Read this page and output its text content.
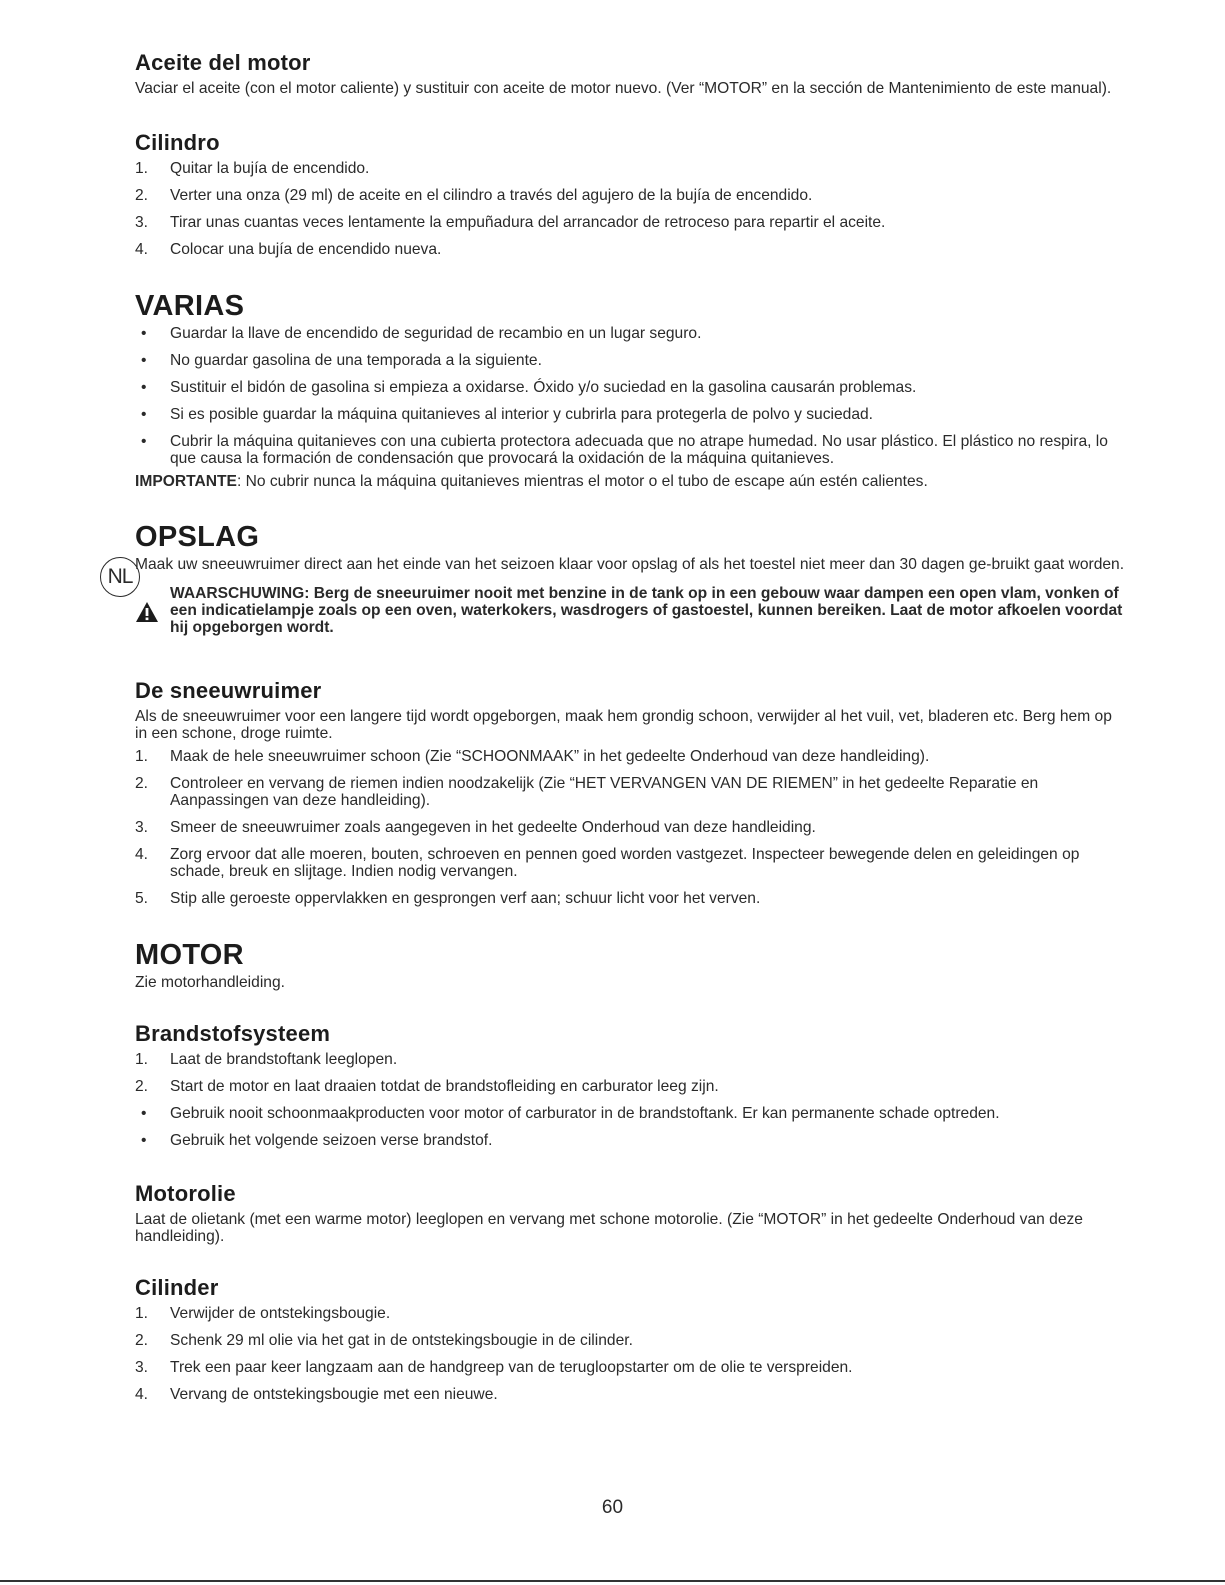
NL
Aceite del motor

Vaciar el aceite (con el motor caliente) y sustituir con aceite de motor nuevo. (Ver “MOTOR” en la sección de Mantenimiento de este manual).

Cilindro
1.	Quitar la bujía de encendido.
2.	Verter una onza (29 ml) de aceite en el cilindro a través del agujero de la bujía de encendido.
3.	Tirar unas cuantas veces lentamente la empuñadura del arrancador de retroceso para repartir el aceite.
4.	Colocar una bujía de encendido nueva.
VARIAS
• Guardar la llave de encendido de seguridad de recambio en un lugar seguro.
• No guardar gasolina de una temporada a la siguiente.
• Sustituir el bidón de gasolina si empieza a oxidarse. Óxido y/o suciedad en la gasolina causarán problemas.
• Si es posible guardar la máquina quitanieves al interior y cubrirla para protegerla de polvo y suciedad.
• Cubrir la máquina quitanieves con una cubierta protectora adecuada que no atrape humedad. No usar plástico. El plástico no respira, lo que causa la formación de condensación que provocará la oxidación de la máquina quitanieves.

IMPORTANTE: No cubrir nunca la máquina quitanieves mientras el motor o el tubo de escape aún estén calientes.

OPSLAG

Maak uw sneeuwruimer direct aan het einde van het seizoen klaar voor opslag of als het toestel niet meer dan 30 dagen ge-bruikt gaat worden.

WAARSCHUWING: Berg de sneeuruimer nooit met benzine in de tank op in een gebouw waar dampen een open vlam, vonken of een indicatielampje zoals op een oven, waterkokers, wasdrogers of gastoestel, kunnen bereiken. Laat de motor afkoelen voordat hij opgeborgen wordt.
De sneeuwruimer

Als de sneeuwruimer voor een langere tijd wordt opgeborgen, maak hem grondig schoon, verwijder al het vuil, vet, bladeren etc. Berg hem op in een schone, droge ruimte.

1.	Maak de hele sneeuwruimer schoon (Zie “SCHOONMAAK” in het gedeelte Onderhoud van deze handleiding).
2.	Controleer en vervang de riemen indien noodzakelijk (Zie “HET VERVANGEN VAN DE RIEMEN” in het gedeelte Reparatie en Aanpassingen van deze handleiding).
3.	Smeer de sneeuwruimer zoals aangegeven in het gedeelte Onderhoud van deze handleiding.
4.	Zorg ervoor dat alle moeren, bouten, schroeven en pennen goed worden vastgezet. Inspecteer bewegende delen en geleidingen op schade, breuk en slijtage. Indien nodig vervangen.
5.	Stip alle geroeste oppervlakken en gesprongen verf aan; schuur licht voor het verven.
MOTOR

Zie motorhandleiding.

Brandstofsysteem
1.	Laat de brandstoftank leeglopen.
2.	Start de motor en laat draaien totdat de brandstofleiding en carburator leeg zijn.
• Gebruik nooit schoonmaakproducten voor motor of carburator in de brandstoftank. Er kan permanente schade optreden.
• Gebruik het volgende seizoen verse brandstof.
Motorolie

Laat de olietank (met een warme motor) leeglopen en vervang met schone motorolie. (Zie “MOTOR” in het gedeelte Onderhoud van deze handleiding).

Cilinder
1.	Verwijder de ontstekingsbougie.
2.	Schenk 29 ml olie via het gat in de ontstekingsbougie in de cilinder.
3.	Trek een paar keer langzaam aan de handgreep van de terugloopstarter om de olie te verspreiden.
4.	Vervang de ontstekingsbougie met een nieuwe.
60
